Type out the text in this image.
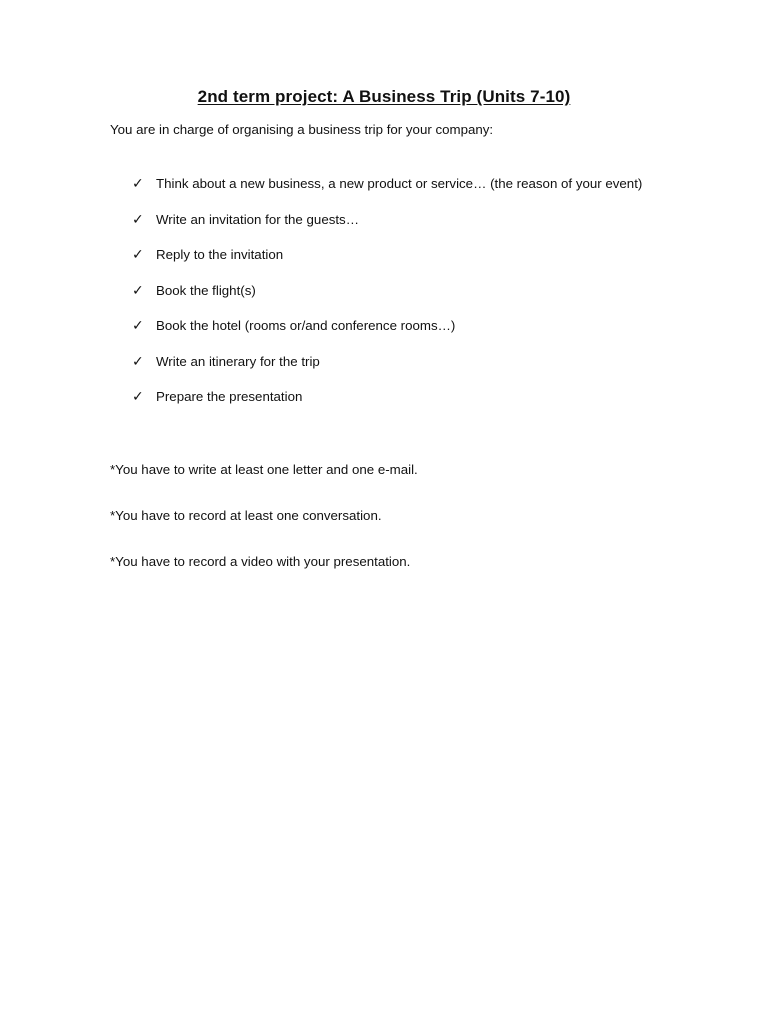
2nd term project: A Business Trip (Units 7-10)
You are in charge of organising a business trip for your company:
✓ Think about a new business, a new product or service… (the reason of your event)
✓ Write an invitation for the guests…
✓ Reply to the invitation
✓ Book the flight(s)
✓ Book the hotel (rooms or/and conference rooms…)
✓ Write an itinerary for the trip
✓ Prepare the presentation
*You have to write at least one letter and one e-mail.
*You have to record at least one conversation.
*You have to record a video with your presentation.
